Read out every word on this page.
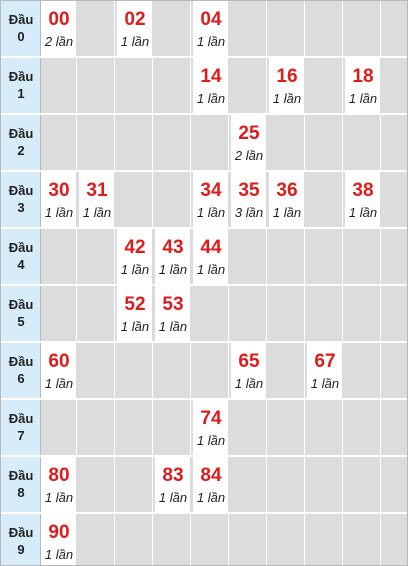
Đầu
0
00
2 lần
02
1 lần
04
1 lần
Đầu
1
14
1 lần
16
1 lần
18
1 lần
Đầu
2
25
2 lần
Đầu
3
30
1 lần
31
1 lần
34
1 lần
35
3 lần
36
1 lần
38
1 lần
Đầu
4
42
1 lần
43
1 lần
44
1 lần
Đầu
5
52
1 lần
53
1 lần
Đầu
6
60
1 lần
65
1 lần
67
1 lần
Đầu
7
74
1 lần
Đầu
8
80
1 lần
83
1 lần
84
1 lần
Đầu
9
90
1 lần
